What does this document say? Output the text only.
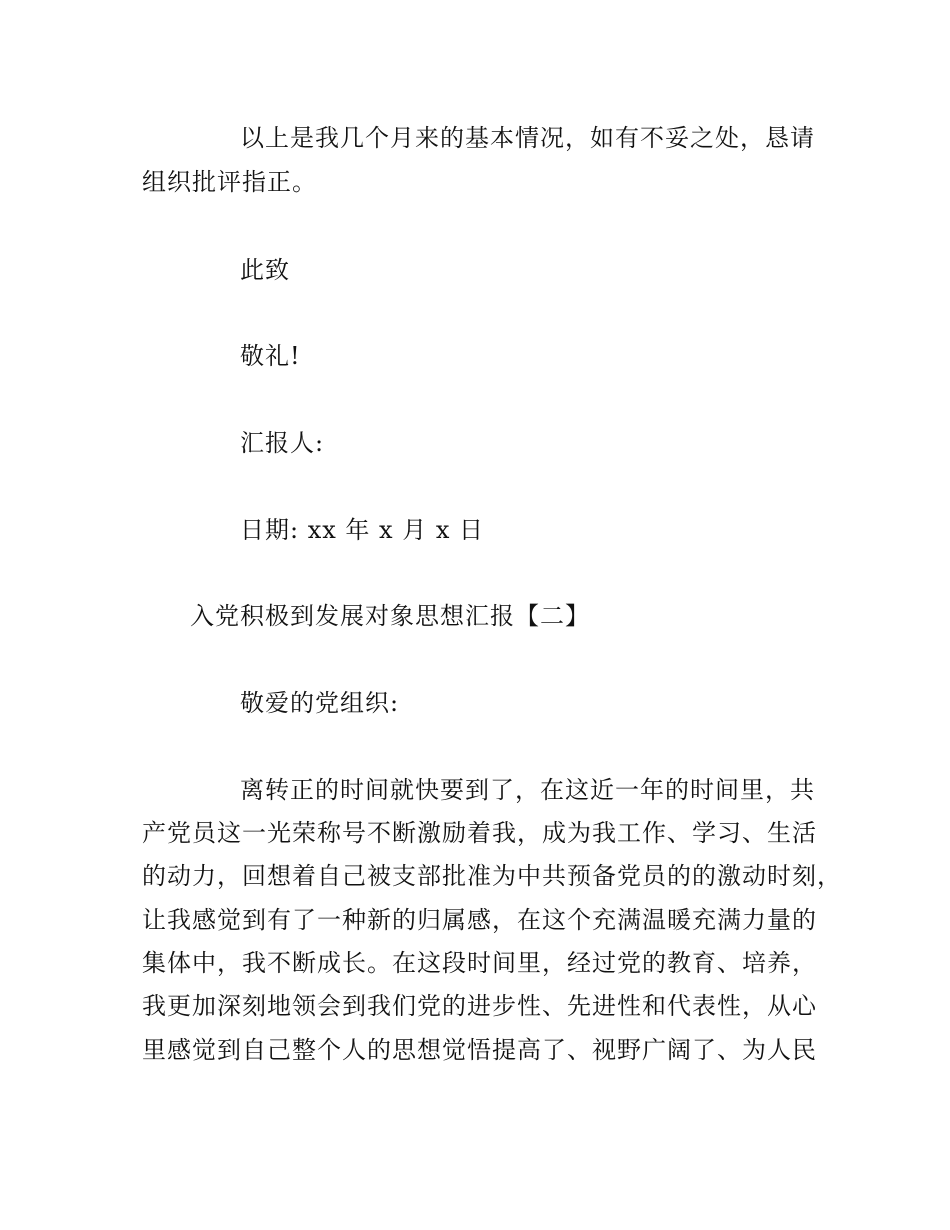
以上是我几个月来的基本情况，如有不妥之处，恳请
组织批评指正。
此致
敬礼!
汇报人:
日期: xx 年 x 月 x 日
入党积极到发展对象思想汇报【二】
敬爱的党组织:
离转正的时间就快要到了，在这近一年的时间里，共
产党员这一光荣称号不断激励着我，成为我工作、学习、生活
的动力，回想着自己被支部批准为中共预备党员的的激动时刻，
让我感觉到有了一种新的归属感，在这个充满温暖充满力量的
集体中，我不断成长。在这段时间里，经过党的教育、培养，
我更加深刻地领会到我们党的进步性、先进性和代表性，从心
里感觉到自己整个人的思想觉悟提高了、视野广阔了、为人民
